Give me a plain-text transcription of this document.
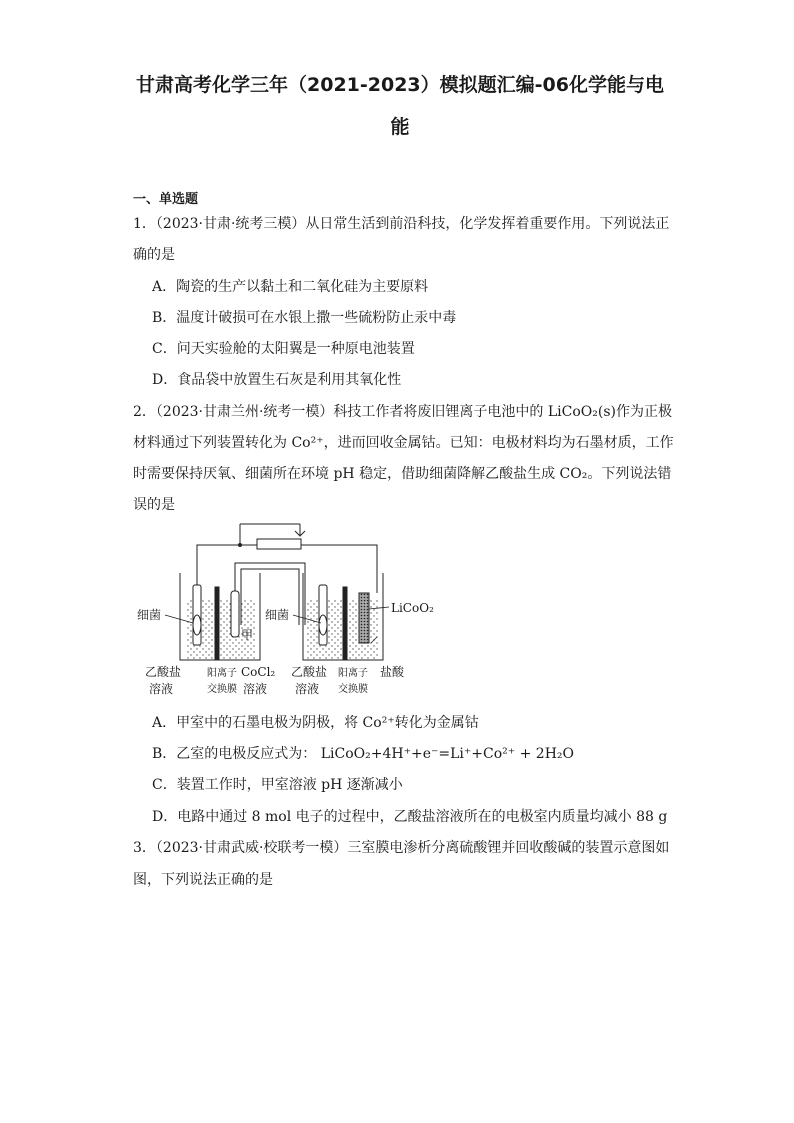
甘肃高考化学三年（2021-2023）模拟题汇编-06化学能与电
能
一、单选题
1．（2023·甘肃·统考三模）从日常生活到前沿科技，化学发挥着重要作用。下列说法正
确的是
A．陶瓷的生产以黏土和二氧化硅为主要原料
B．温度计破损可在水银上撒一些硫粉防止汞中毒
C．问天实验舱的太阳翼是一种原电池装置
D．食品袋中放置生石灰是利用其氧化性
2．（2023·甘肃兰州·统考一模）科技工作者将废旧锂离子电池中的 LiCoO₂(s)作为正极
材料通过下列装置转化为 Co²⁺，进而回收金属钴。已知：电极材料均为石墨材质，工作
时需要保持厌氧、细菌所在环境 pH 稳定，借助细菌降解乙酸盐生成 CO₂。下列说法错
误的是
细菌	细菌	LiCoO₂
甲
乙酸盐
溶液
阳离子
交换膜
CoCl₂
溶液
乙酸盐
溶液
阳离子
交换膜
盐酸
A．甲室中的石墨电极为阴极，将 Co²⁺转化为金属钴
B．乙室的电极反应式为： LiCoO₂+4H⁺+e⁻=Li⁺+Co²⁺ + 2H₂O
C．装置工作时，甲室溶液 pH 逐渐减小
D．电路中通过 8 mol 电子的过程中，乙酸盐溶液所在的电极室内质量均减小 88 g
3．（2023·甘肃武威·校联考一模）三室膜电渗析分离硫酸锂并回收酸碱的装置示意图如
图，下列说法正确的是
